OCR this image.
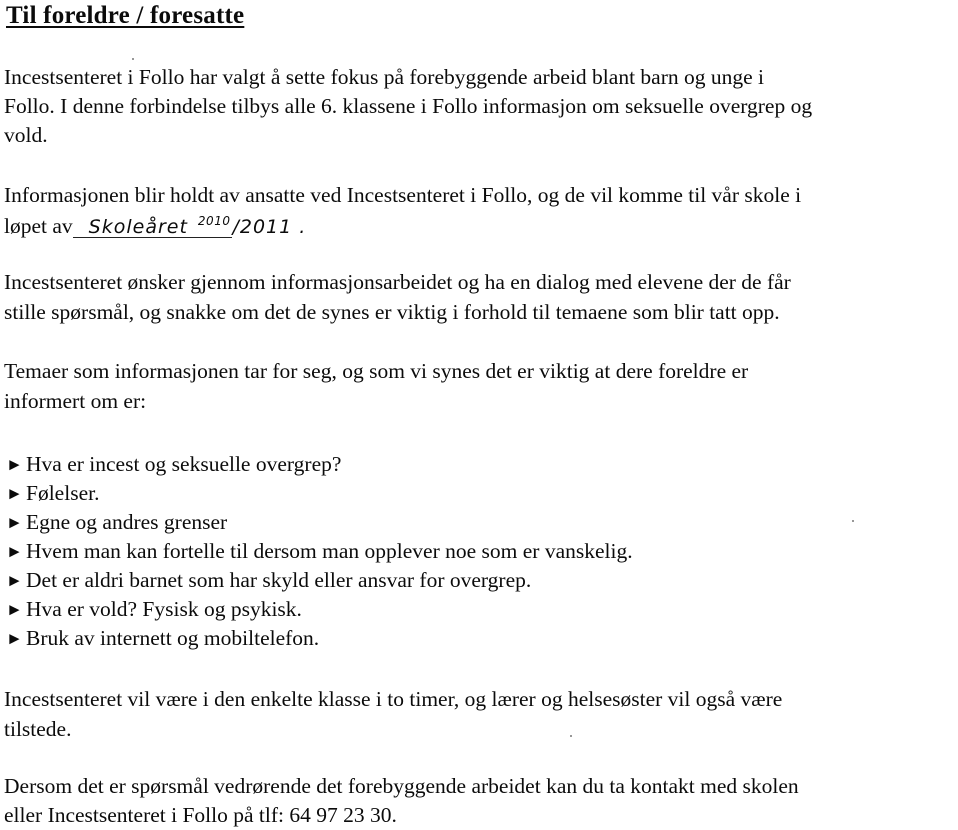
Til foreldre / foresatte
Incestsenteret i Follo har valgt å sette fokus på forebyggende arbeid blant barn og unge i
Follo. I denne forbindelse tilbys alle 6. klassene i Follo informasjon om seksuelle overgrep og
vold.
Informasjonen blir holdt av ansatte ved Incestsenteret i Follo, og de vil komme til vår skole i
løpet av Skoleåret $^{2010}$ /2011 .
Incestsenteret ønsker gjennom informasjonsarbeidet og ha en dialog med elevene der de får
stille spørsmål, og snakke om det de synes er viktig i forhold til temaene som blir tatt opp.
Temaer som informasjonen tar for seg, og som vi synes det er viktig at dere foreldre er
informert om er:
► Hva er incest og seksuelle overgrep?
► Følelser.
► Egne og andres grenser
► Hvem man kan fortelle til dersom man opplever noe som er vanskelig.
► Det er aldri barnet som har skyld eller ansvar for overgrep.
► Hva er vold? Fysisk og psykisk.
► Bruk av internett og mobiltelefon.
Incestsenteret vil være i den enkelte klasse i to timer, og lærer og helsesøster vil også være
tilstede.
Dersom det er spørsmål vedrørende det forebyggende arbeidet kan du ta kontakt med skolen
eller Incestsenteret i Follo på tlf: 64 97 23 30.
